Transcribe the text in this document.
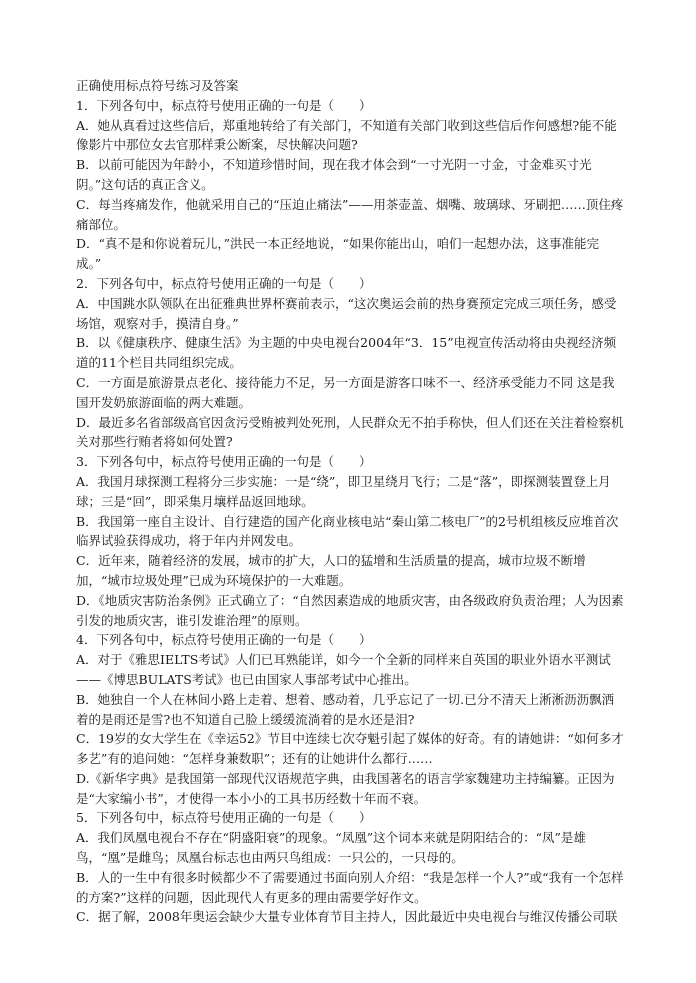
正确使用标点符号练习及答案

1．下列各句中，标点符号使用正确的一句是（　　）

A．她从真看过这些信后，郑重地转给了有关部门，不知道有关部门收到这些信后作何感想?能不能像影片中那位女去官那样秉公断案，尽快解决问题?

B．以前可能因为年龄小，不知道珍惜时间，现在我才体会到“一寸光阴一寸金，寸金难买寸光阴。”这句话的真正含义。

C．每当疼痛发作，他就采用自己的“压迫止痛法”——用茶壶盖、烟嘴、玻璃球、牙刷把……顶住疼痛部位。

D．“真不是和你说着玩儿，”洪民一本正经地说，“如果你能出山，咱们一起想办法，这事准能完成。”

2．下列各句中，标点符号使用正确的一句是（　　）

A．中国跳水队领队在出征雅典世界杯赛前表示，“这次奥运会前的热身赛预定完成三项任务，感受场馆，观察对手，摸清自身。”

B．以《健康秩序、健康生活》为主题的中央电视台2004年“3．15”电视宣传活动将由央视经济频道的11个栏目共同组织完成。

C．一方面是旅游景点老化、接待能力不足，另一方面是游客口味不一、经济承受能力不同 这是我国开发奶旅游面临的两大难题。

D．最近多名省部级高官因贪污受贿被判处死刑，人民群众无不拍手称快，但人们还在关注着检察机关对那些行贿者将如何处置?

3．下列各句中，标点符号使用正确的一句是（　　）

A．我国月球探测工程将分三步实施：一是“绕”，即卫星绕月飞行；二是“落”，即探测装置登上月球；三是“回”，即采集月壤样品返回地球。

B．我国第一座自主设计、自行建造的国产化商业核电站“秦山第二核电厂”的2号机组核反应堆首次临界试验获得成功，将于年内并网发电。

C．近年来，随着经济的发展，城市的扩大，人口的猛增和生活质量的提高，城市垃圾不断增加，“城市垃圾处理”已成为环境保护的一大难题。

D．《地质灾害防治条例》正式确立了：“自然因素造成的地质灾害，由各级政府负责治理；人为因素引发的地质灾害，谁引发谁治理”的原则。

4．下列各句中，标点符号使用正确的一句是（　　）

A．对于《雅思IELTS考试》人们已耳熟能详，如今一个全新的同样来自英国的职业外语水平测试——《博思BULATS考试》也已由国家人事部考试中心推出。

B．她独自一个人在林间小路上走着、想着、感动着，几乎忘记了一切.已分不清天上淅淅沥沥飘洒着的是雨还是雪?也不知道自己脸上缓缓流淌着的是水还是泪?

C．19岁的女大学生在《幸运52》节目中连续七次夺魁引起了媒体的好奇。有的请她讲：“如何多才多艺”有的追问她：“怎样身兼数职”；还有的让她讲什么都行……

D.《新华字典》是我国第一部现代汉语规范字典，由我国著名的语言学家魏建功主持编纂。正因为是“大家编小书”，才使得一本小小的工具书历经数十年而不衰。

5．下列各句中，标点符号使用正确的一句是（　　）

A．我们凤凰电视台不存在“阴盛阳衰”的现象。“凤凰”这个词本来就是阴阳结合的：“凤”是雄鸟，“凰”是雌鸟；凤凰台标志也由两只鸟组成：一只公的，一只母的。

B．人的一生中有很多时候都少不了需要通过书面向别人介绍：“我是怎样一个人?”或“我有一个怎样的方案?”这样的问题，因此现代人有更多的理由需要学好作文。

C．据了解，2008年奥运会缺少大量专业体育节目主持人，因此最近中央电视台与维汉传播公司联
